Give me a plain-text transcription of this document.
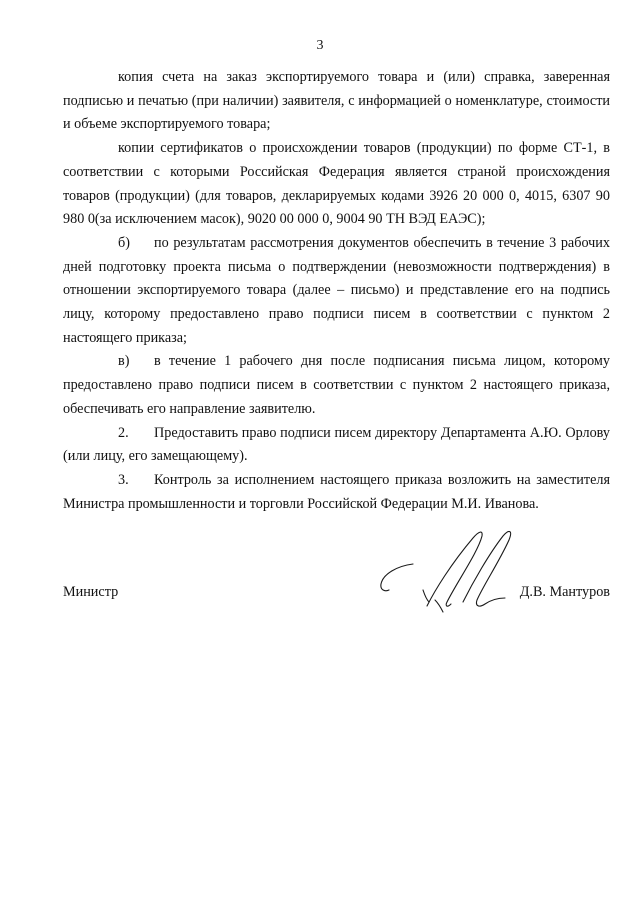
3

копия счета на заказ экспортируемого товара и (или) справка, заверенная подписью и печатью (при наличии) заявителя, с информацией о номенклатуре, стоимости и объеме экспортируемого товара;

копии сертификатов о происхождении товаров (продукции) по форме СТ-1, в соответствии с которыми Российская Федерация является страной происхождения товаров (продукции) (для товаров, декларируемых кодами 3926 20 000 0, 4015, 6307 90 980 0(за исключением масок), 9020 00 000 0, 9004 90 ТН ВЭД ЕАЭС);

б) по результатам рассмотрения документов обеспечить в течение 3 рабочих дней подготовку проекта письма о подтверждении (невозможности подтверждения) в отношении экспортируемого товара (далее – письмо) и представление его на подпись лицу, которому предоставлено право подписи писем в соответствии с пунктом 2 настоящего приказа;

в) в течение 1 рабочего дня после подписания письма лицом, которому предоставлено право подписи писем в соответствии с пунктом 2 настоящего приказа, обеспечивать его направление заявителю.

2. Предоставить право подписи писем директору Департамента А.Ю. Орлову (или лицу, его замещающему).

3. Контроль за исполнением настоящего приказа возложить на заместителя Министра промышленности и торговли Российской Федерации М.И. Иванова.

Министр	Д.В. Мантуров
